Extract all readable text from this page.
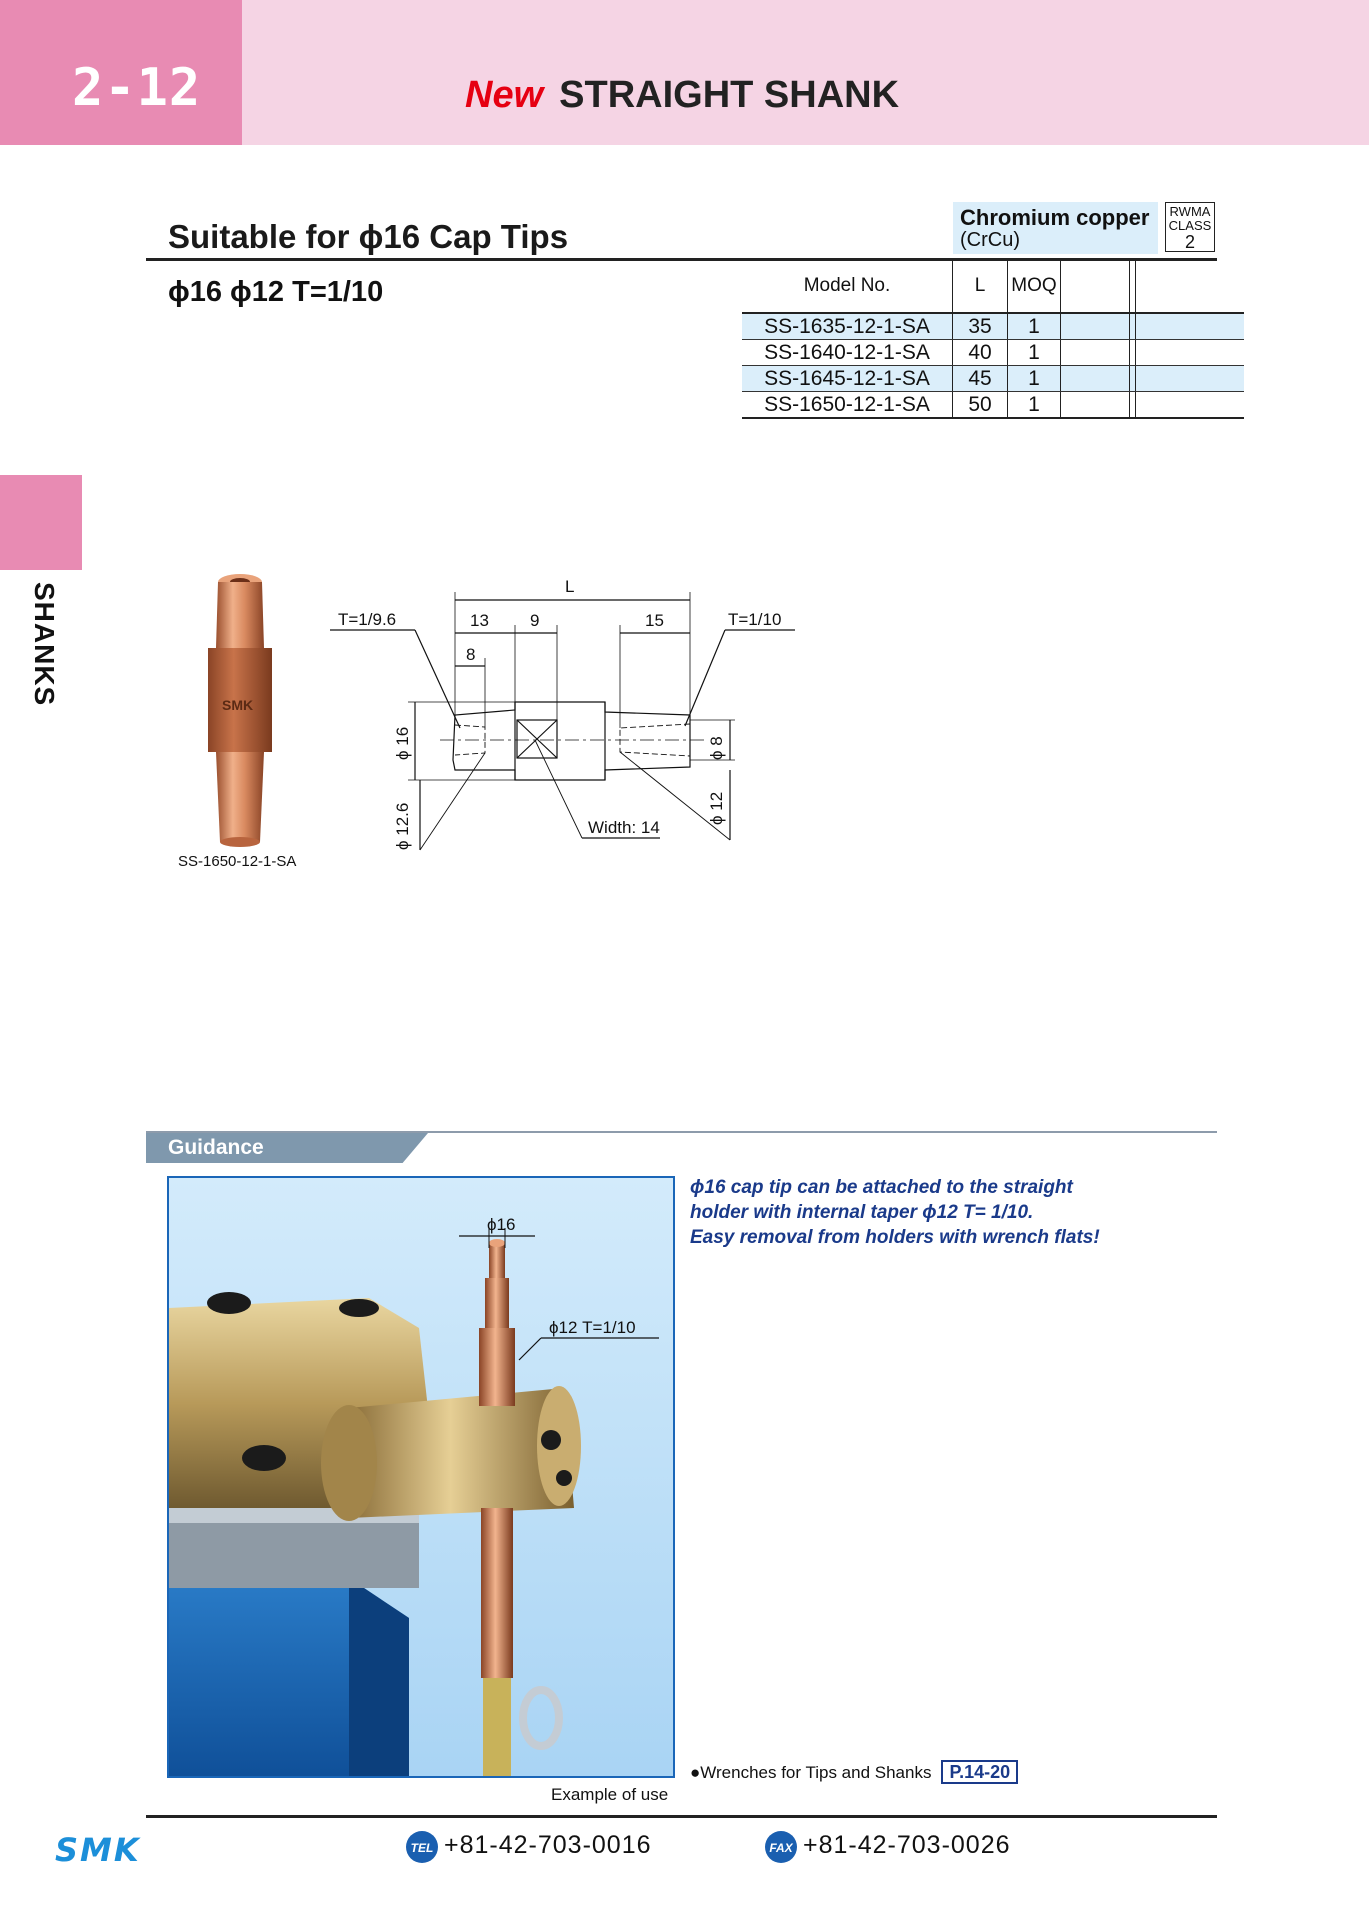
2-12	New STRAIGHT SHANK
SHANKS
Suitable for ϕ16 Cap Tips
Chromium copper
(CrCu)
RWMA
CLASS
2
ϕ16 ϕ12 T=1/10	Model No.	L	MOQ			
SS-1635-12-1-SA	35	1			
SS-1640-12-1-SA	40	1			
SS-1645-12-1-SA	45	1			
SS-1650-12-1-SA	50	1			
SMK
SS-1650-12-1-SA
L
13 9	15
8
T=1/9.6	T=1/10
ϕ 16
ϕ 12.6
ϕ 8
ϕ 12
Width: 14
Guidance
ϕ16
ϕ12 T=1/10
Example of use
ϕ16 cap tip can be attached to the straight
holder with internal taper ϕ12 T= 1/10.
Easy removal from holders with wrench flats!
●Wrenches for Tips and Shanks P.14-20
SMK	TEL +81-42-703-0016	FAX +81-42-703-0026
